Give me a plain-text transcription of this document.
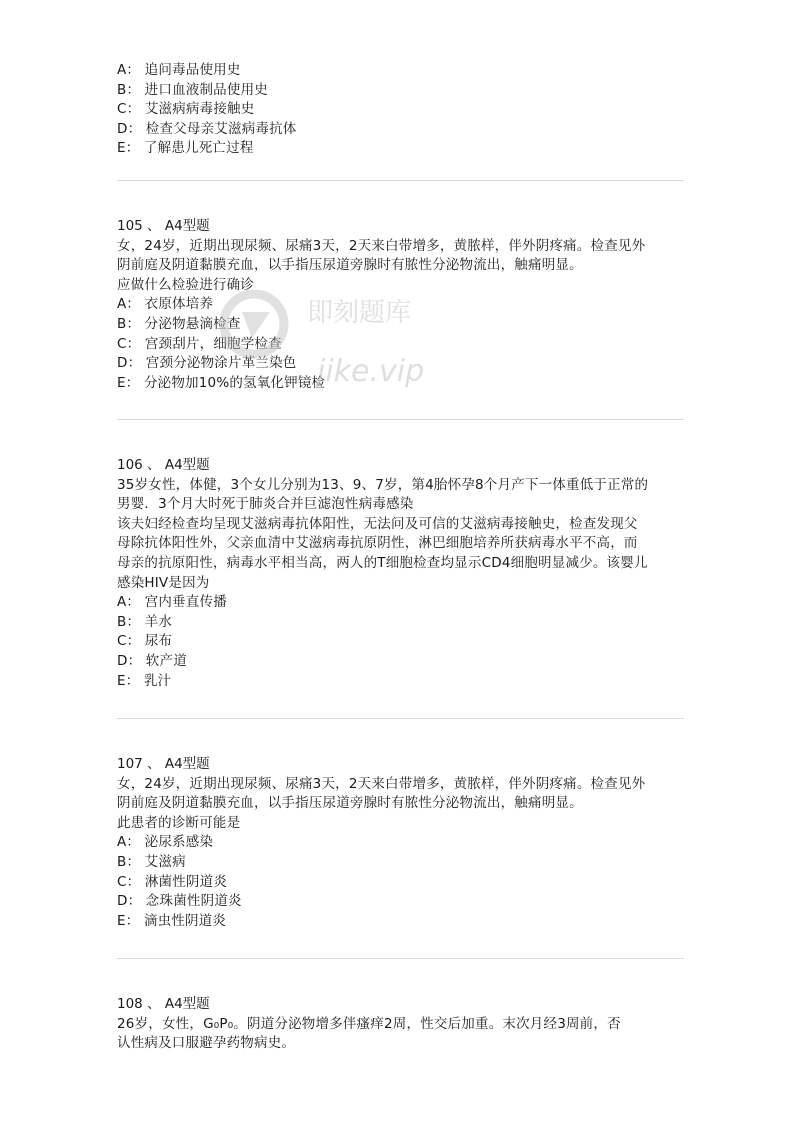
A： 追问毒品使用史
B： 进口血液制品使用史
C： 艾滋病病毒接触史
D： 检查父母亲艾滋病毒抗体
E： 了解患儿死亡过程
105 、 A4型题
女，24岁，近期出现尿频、尿痛3天，2天来白带增多，黄脓样，伴外阴疼痛。检查见外
阴前庭及阴道黏膜充血，以手指压尿道旁腺时有脓性分泌物流出，触痛明显。
应做什么检验进行确诊
A： 衣原体培养
B： 分泌物悬滴检查
C： 宫颈刮片，细胞学检查
D： 宫颈分泌物涂片革兰染色
E： 分泌物加10%的氢氧化钾镜检
106 、 A4型题
35岁女性，体健，3个女儿分别为13、9、7岁，第4胎怀孕8个月产下一体重低于正常的
男婴．3个月大时死于肺炎合并巨滤泡性病毒感染
该夫妇经检查均呈现艾滋病毒抗体阳性，无法问及可信的艾滋病毒接触史，检查发现父
母除抗体阳性外，父亲血清中艾滋病毒抗原阴性，淋巴细胞培养所获病毒水平不高，而
母亲的抗原阳性，病毒水平相当高，两人的T细胞检查均显示CD4细胞明显减少。该婴儿
感染HIV是因为
A： 宫内垂直传播
B： 羊水
C： 尿布
D： 软产道
E： 乳汁
107 、 A4型题
女，24岁，近期出现尿频、尿痛3天，2天来白带增多，黄脓样，伴外阴疼痛。检查见外
阴前庭及阴道黏膜充血，以手指压尿道旁腺时有脓性分泌物流出，触痛明显。
此患者的诊断可能是
A： 泌尿系感染
B： 艾滋病
C： 淋菌性阴道炎
D： 念珠菌性阴道炎
E： 滴虫性阴道炎
108 、 A4型题
26岁，女性，G₀P₀。阴道分泌物增多伴瘙痒2周，性交后加重。末次月经3周前，否
认性病及口服避孕药物病史。
即刻题库
jike.vip
